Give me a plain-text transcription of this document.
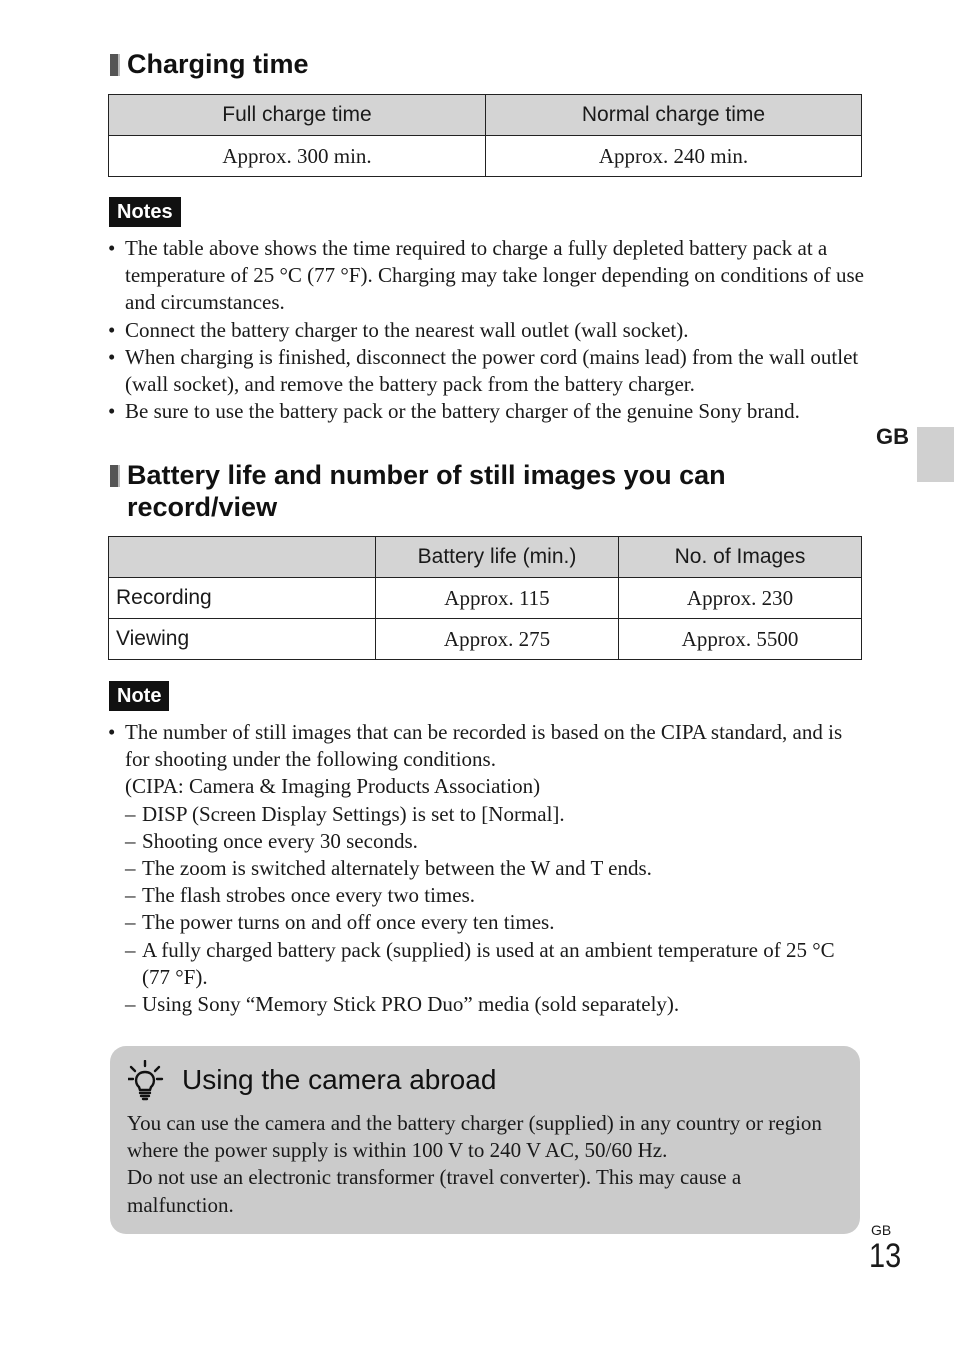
Charging time
Full charge time	Normal charge time
Approx. 300 min.	Approx. 240 min.
Notes
• The table above shows the time required to charge a fully depleted battery pack at a temperature of 25 °C (77 °F). Charging may take longer depending on conditions of use and circumstances.
• Connect the battery charger to the nearest wall outlet (wall socket).
• When charging is finished, disconnect the power cord (mains lead) from the wall outlet (wall socket), and remove the battery pack from the battery charger.
• Be sure to use the battery pack or the battery charger of the genuine Sony brand.
GB
Battery life and number of still images you can
record/view
	Battery life (min.)	No. of Images
Recording	Approx. 115	Approx. 230
Viewing	Approx. 275	Approx. 5500
Note
• The number of still images that can be recorded is based on the CIPA standard, and is for shooting under the following conditions.
(CIPA: Camera & Imaging Products Association)
– DISP (Screen Display Settings) is set to [Normal].
– Shooting once every 30 seconds.
– The zoom is switched alternately between the W and T ends.
– The flash strobes once every two times.
– The power turns on and off once every ten times.
– A fully charged battery pack (supplied) is used at an ambient temperature of 25 °C (77 °F).
– Using Sony “Memory Stick PRO Duo” media (sold separately).
Using the camera abroad
You can use the camera and the battery charger (supplied) in any country or region where the power supply is within 100 V to 240 V AC, 50/60 Hz.
Do not use an electronic transformer (travel converter). This may cause a malfunction.
GB
13
